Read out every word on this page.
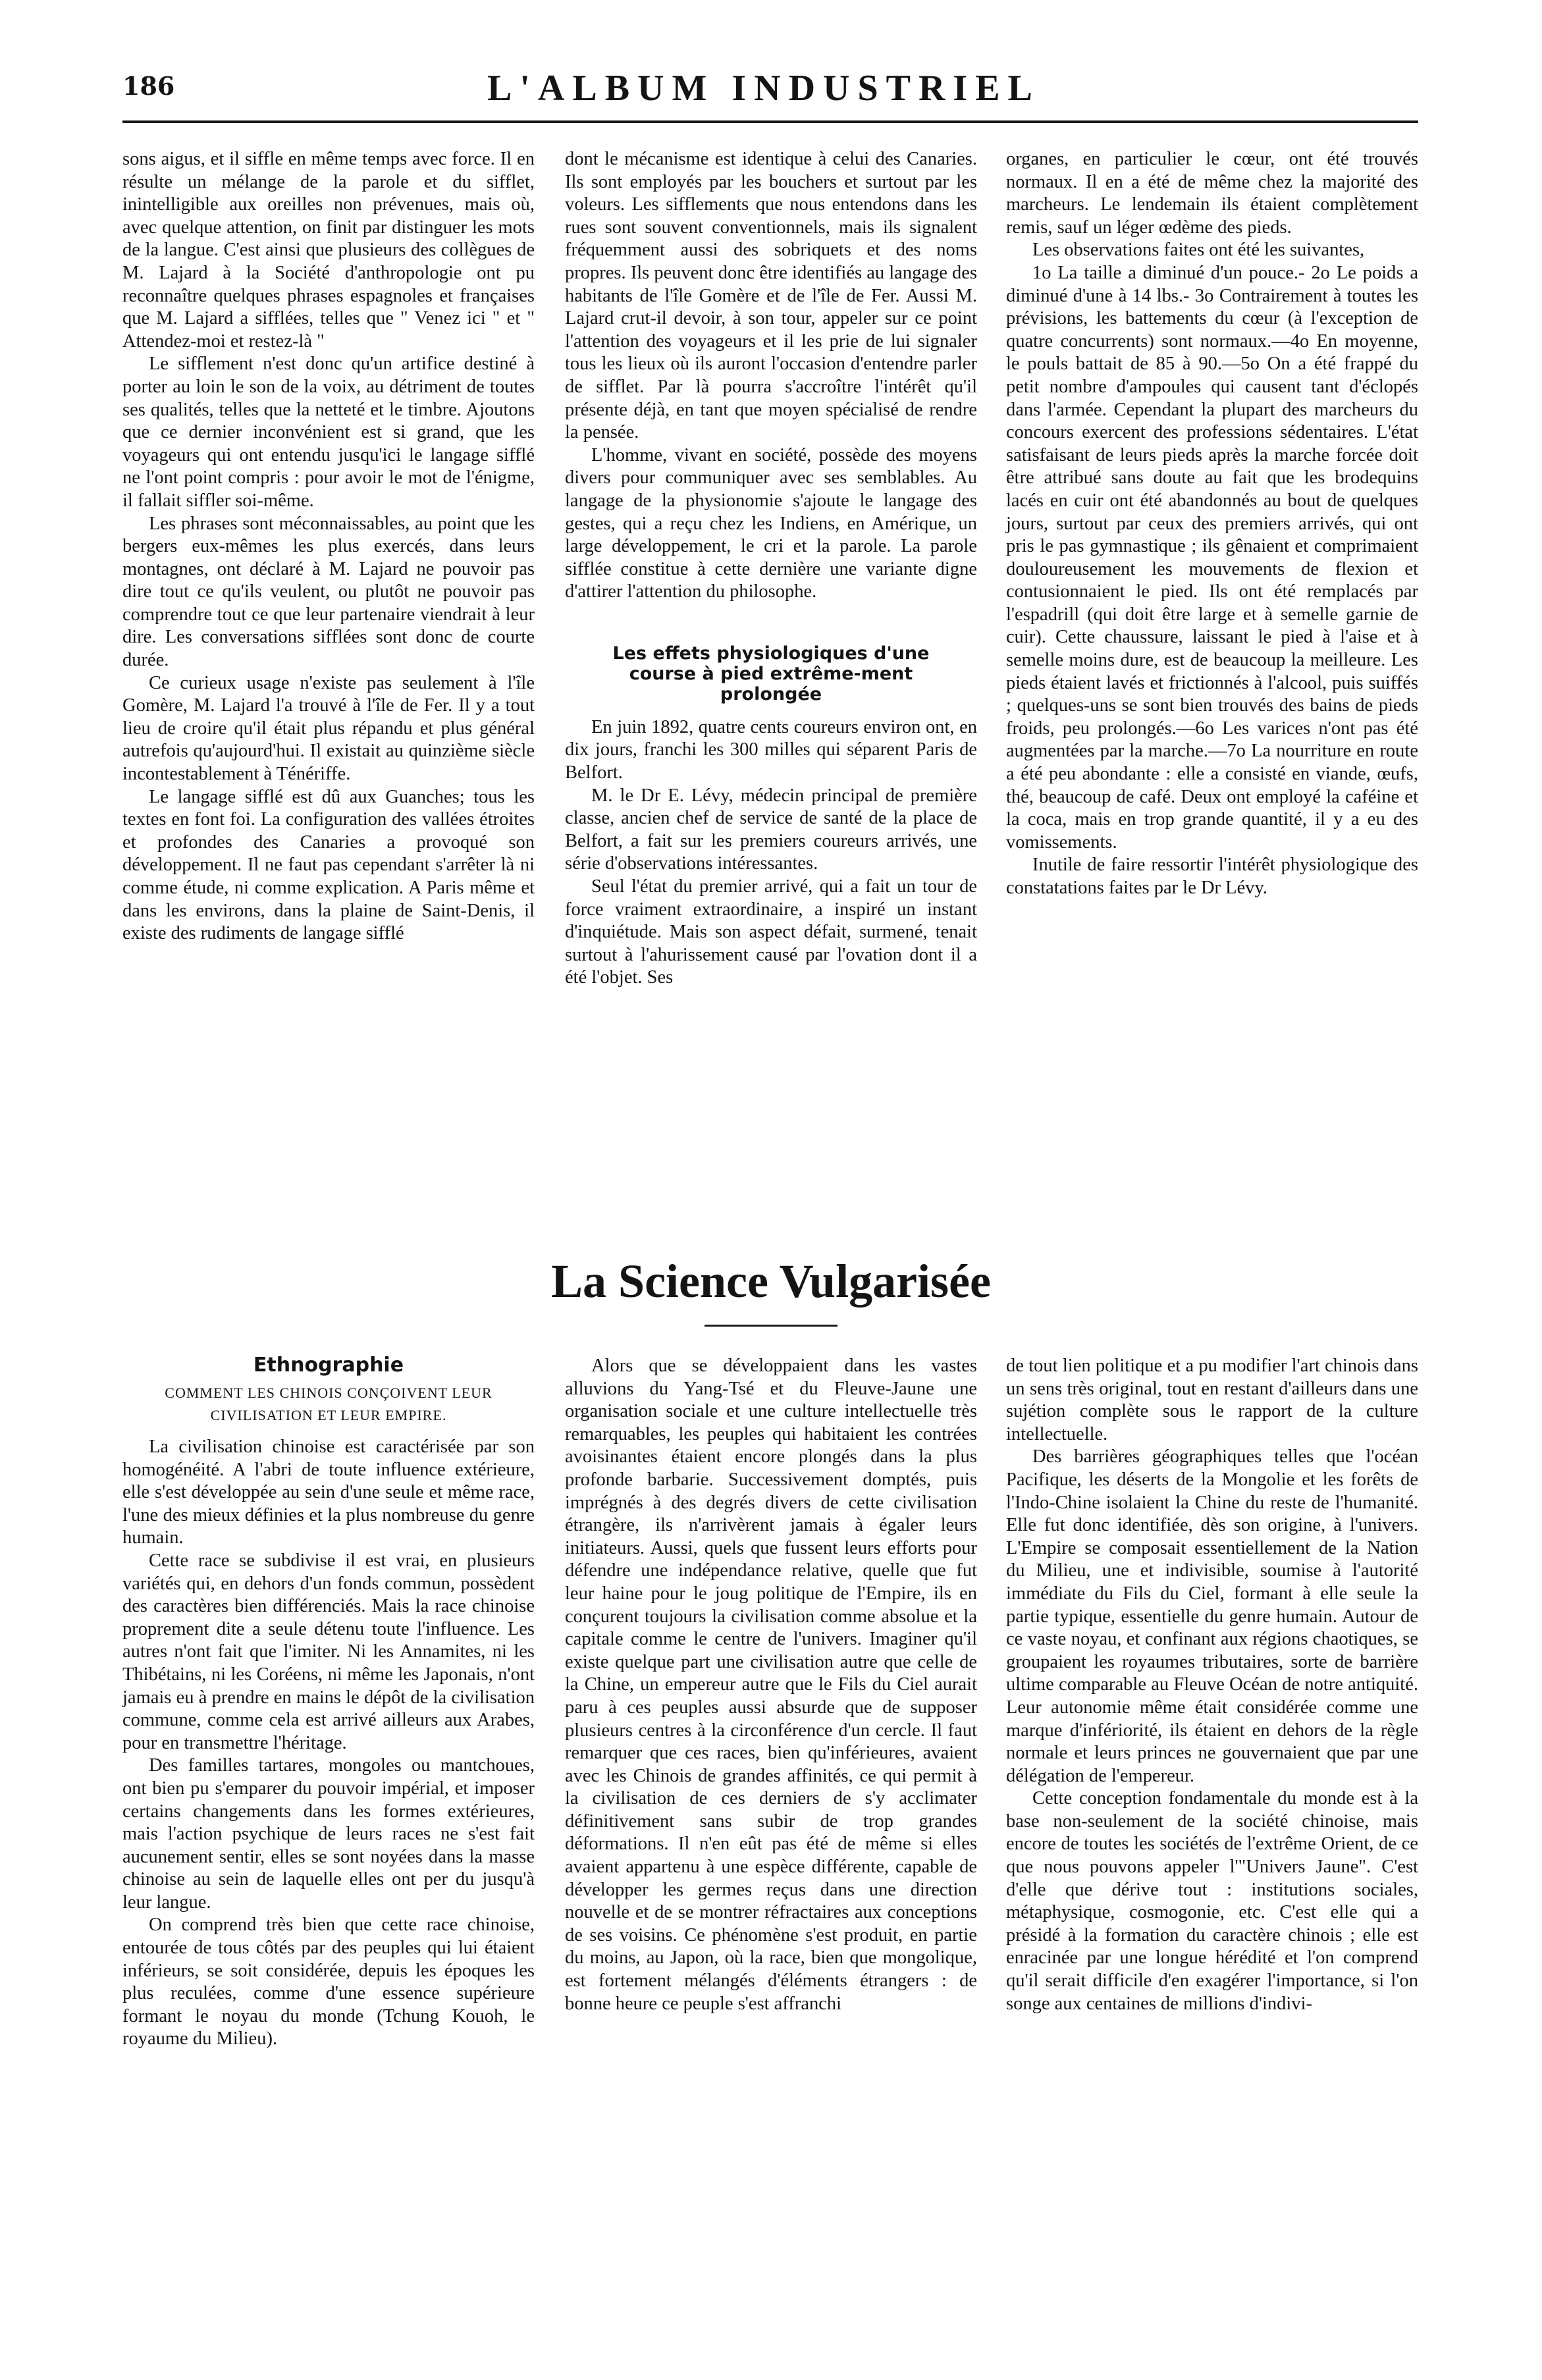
186	L'ALBUM INDUSTRIEL

sons aigus, et il siffle en même temps avec force. Il en résulte un mélange de la parole et du sifflet, inintelligible aux oreilles non prévenues, mais où, avec quelque attention, on finit par distinguer les mots de la langue. C'est ainsi que plusieurs des collègues de M. Lajard à la Société d'anthropologie ont pu reconnaître quelques phrases espagnoles et françaises que M. Lajard a sifflées, telles que " Venez ici " et " Attendez-moi et restez-là "

Le sifflement n'est donc qu'un artifice destiné à porter au loin le son de la voix, au détriment de toutes ses qualités, telles que la netteté et le timbre. Ajoutons que ce dernier inconvénient est si grand, que les voyageurs qui ont entendu jusqu'ici le langage sifflé ne l'ont point compris : pour avoir le mot de l'énigme, il fallait siffler soi-même.

Les phrases sont méconnaissables, au point que les bergers eux-mêmes les plus exercés, dans leurs montagnes, ont déclaré à M. Lajard ne pouvoir pas dire tout ce qu'ils veulent, ou plutôt ne pouvoir pas comprendre tout ce que leur partenaire viendrait à leur dire. Les conversations sifflées sont donc de courte durée.

Ce curieux usage n'existe pas seulement à l'île Gomère, M. Lajard l'a trouvé à l'île de Fer. Il y a tout lieu de croire qu'il était plus répandu et plus général autrefois qu'aujourd'hui. Il existait au quinzième siècle incontestablement à Ténériffe.

Le langage sifflé est dû aux Guanches; tous les textes en font foi. La configuration des vallées étroites et profondes des Canaries a provoqué son développement. Il ne faut pas cependant s'arrêter là ni comme étude, ni comme explication. A Paris même et dans les environs, dans la plaine de Saint-Denis, il existe des rudiments de langage sifflé

dont le mécanisme est identique à celui des Canaries. Ils sont employés par les bouchers et surtout par les voleurs. Les sifflements que nous entendons dans les rues sont souvent conventionnels, mais ils signalent fréquemment aussi des sobriquets et des noms propres. Ils peuvent donc être identifiés au langage des habitants de l'île Gomère et de l'île de Fer. Aussi M. Lajard crut-il devoir, à son tour, appeler sur ce point l'attention des voyageurs et il les prie de lui signaler tous les lieux où ils auront l'occasion d'entendre parler de sifflet. Par là pourra s'accroître l'intérêt qu'il présente déjà, en tant que moyen spécialisé de rendre la pensée.

L'homme, vivant en société, possède des moyens divers pour communiquer avec ses semblables. Au langage de la physionomie s'ajoute le langage des gestes, qui a reçu chez les Indiens, en Amérique, un large développement, le cri et la parole. La parole sifflée constitue à cette dernière une variante digne d'attirer l'attention du philosophe.

Les effets physiologiques d'une course à pied extrême-ment prolongée

En juin 1892, quatre cents coureurs environ ont, en dix jours, franchi les 300 milles qui séparent Paris de Belfort.

M. le Dr E. Lévy, médecin principal de première classe, ancien chef de service de santé de la place de Belfort, a fait sur les premiers coureurs arrivés, une série d'observations intéressantes.

Seul l'état du premier arrivé, qui a fait un tour de force vraiment extraordinaire, a inspiré un instant d'inquiétude. Mais son aspect défait, surmené, tenait surtout à l'ahurissement causé par l'ovation dont il a été l'objet. Ses

organes, en particulier le cœur, ont été trouvés normaux. Il en a été de même chez la majorité des marcheurs. Le lendemain ils étaient complètement remis, sauf un léger œdème des pieds.

Les observations faites ont été les suivantes,

1o La taille a diminué d'un pouce.- 2o Le poids a diminué d'une à 14 lbs.- 3o Contrairement à toutes les prévisions, les battements du cœur (à l'exception de quatre concurrents) sont normaux.—4o En moyenne, le pouls battait de 85 à 90.—5o On a été frappé du petit nombre d'ampoules qui causent tant d'éclopés dans l'armée. Cependant la plupart des marcheurs du concours exercent des professions sédentaires. L'état satisfaisant de leurs pieds après la marche forcée doit être attribué sans doute au fait que les brodequins lacés en cuir ont été abandonnés au bout de quelques jours, surtout par ceux des premiers arrivés, qui ont pris le pas gymnastique ; ils gênaient et comprimaient douloureusement les mouvements de flexion et contusionnaient le pied. Ils ont été remplacés par l'espadrill (qui doit être large et à semelle garnie de cuir). Cette chaussure, laissant le pied à l'aise et à semelle moins dure, est de beaucoup la meilleure. Les pieds étaient lavés et frictionnés à l'alcool, puis suiffés ; quelques-uns se sont bien trouvés des bains de pieds froids, peu prolongés.—6o Les varices n'ont pas été augmentées par la marche.—7o La nourriture en route a été peu abondante : elle a consisté en viande, œufs, thé, beaucoup de café. Deux ont employé la caféine et la coca, mais en trop grande quantité, il y a eu des vomissements.

Inutile de faire ressortir l'intérêt physiologique des constatations faites par le Dr Lévy.

La Science Vulgarisée
Ethnographie
COMMENT LES CHINOIS CONÇOIVENT LEUR CIVILISATION ET LEUR EMPIRE.

La civilisation chinoise est caractérisée par son homogénéité. A l'abri de toute influence extérieure, elle s'est développée au sein d'une seule et même race, l'une des mieux définies et la plus nombreuse du genre humain.

Cette race se subdivise il est vrai, en plusieurs variétés qui, en dehors d'un fonds commun, possèdent des caractères bien différenciés. Mais la race chinoise proprement dite a seule détenu toute l'influence. Les autres n'ont fait que l'imiter. Ni les Annamites, ni les Thibétains, ni les Coréens, ni même les Japonais, n'ont jamais eu à prendre en mains le dépôt de la civilisation commune, comme cela est arrivé ailleurs aux Arabes, pour en transmettre l'héritage.

Des familles tartares, mongoles ou mantchoues, ont bien pu s'emparer du pouvoir impérial, et imposer certains changements dans les formes extérieures, mais l'action psychique de leurs races ne s'est fait aucunement sentir, elles se sont noyées dans la masse chinoise au sein de laquelle elles ont per du jusqu'à leur langue.

On comprend très bien que cette race chinoise, entourée de tous côtés par des peuples qui lui étaient inférieurs, se soit considérée, depuis les époques les plus reculées, comme d'une essence supérieure formant le noyau du monde (Tchung Kouoh, le royaume du Milieu).

Alors que se développaient dans les vastes alluvions du Yang-Tsé et du Fleuve-Jaune une organisation sociale et une culture intellectuelle très remarquables, les peuples qui habitaient les contrées avoisinantes étaient encore plongés dans la plus profonde barbarie. Successivement domptés, puis imprégnés à des degrés divers de cette civilisation étrangère, ils n'arrivèrent jamais à égaler leurs initiateurs. Aussi, quels que fussent leurs efforts pour défendre une indépendance relative, quelle que fut leur haine pour le joug politique de l'Empire, ils en conçurent toujours la civilisation comme absolue et la capitale comme le centre de l'univers. Imaginer qu'il existe quelque part une civilisation autre que celle de la Chine, un empereur autre que le Fils du Ciel aurait paru à ces peuples aussi absurde que de supposer plusieurs centres à la circonférence d'un cercle. Il faut remarquer que ces races, bien qu'inférieures, avaient avec les Chinois de grandes affinités, ce qui permit à la civilisation de ces derniers de s'y acclimater définitivement sans subir de trop grandes déformations. Il n'en eût pas été de même si elles avaient appartenu à une espèce différente, capable de développer les germes reçus dans une direction nouvelle et de se montrer réfractaires aux conceptions de ses voisins. Ce phénomène s'est produit, en partie du moins, au Japon, où la race, bien que mongolique, est fortement mélangés d'éléments étrangers : de bonne heure ce peuple s'est affranchi

de tout lien politique et a pu modifier l'art chinois dans un sens très original, tout en restant d'ailleurs dans une sujétion complète sous le rapport de la culture intellectuelle.

Des barrières géographiques telles que l'océan Pacifique, les déserts de la Mongolie et les forêts de l'Indo-Chine isolaient la Chine du reste de l'humanité. Elle fut donc identifiée, dès son origine, à l'univers. L'Empire se composait essentiellement de la Nation du Milieu, une et indivisible, soumise à l'autorité immédiate du Fils du Ciel, formant à elle seule la partie typique, essentielle du genre humain. Autour de ce vaste noyau, et confinant aux régions chaotiques, se groupaient les royaumes tributaires, sorte de barrière ultime comparable au Fleuve Océan de notre antiquité. Leur autonomie même était considérée comme une marque d'infériorité, ils étaient en dehors de la règle normale et leurs princes ne gouvernaient que par une délégation de l'empereur.

Cette conception fondamentale du monde est à la base non-seulement de la société chinoise, mais encore de toutes les sociétés de l'extrême Orient, de ce que nous pouvons appeler l'"Univers Jaune". C'est d'elle que dérive tout : institutions sociales, métaphysique, cosmogonie, etc. C'est elle qui a présidé à la formation du caractère chinois ; elle est enracinée par une longue hérédité et l'on comprend qu'il serait difficile d'en exagérer l'importance, si l'on songe aux centaines de millions d'indivi-
